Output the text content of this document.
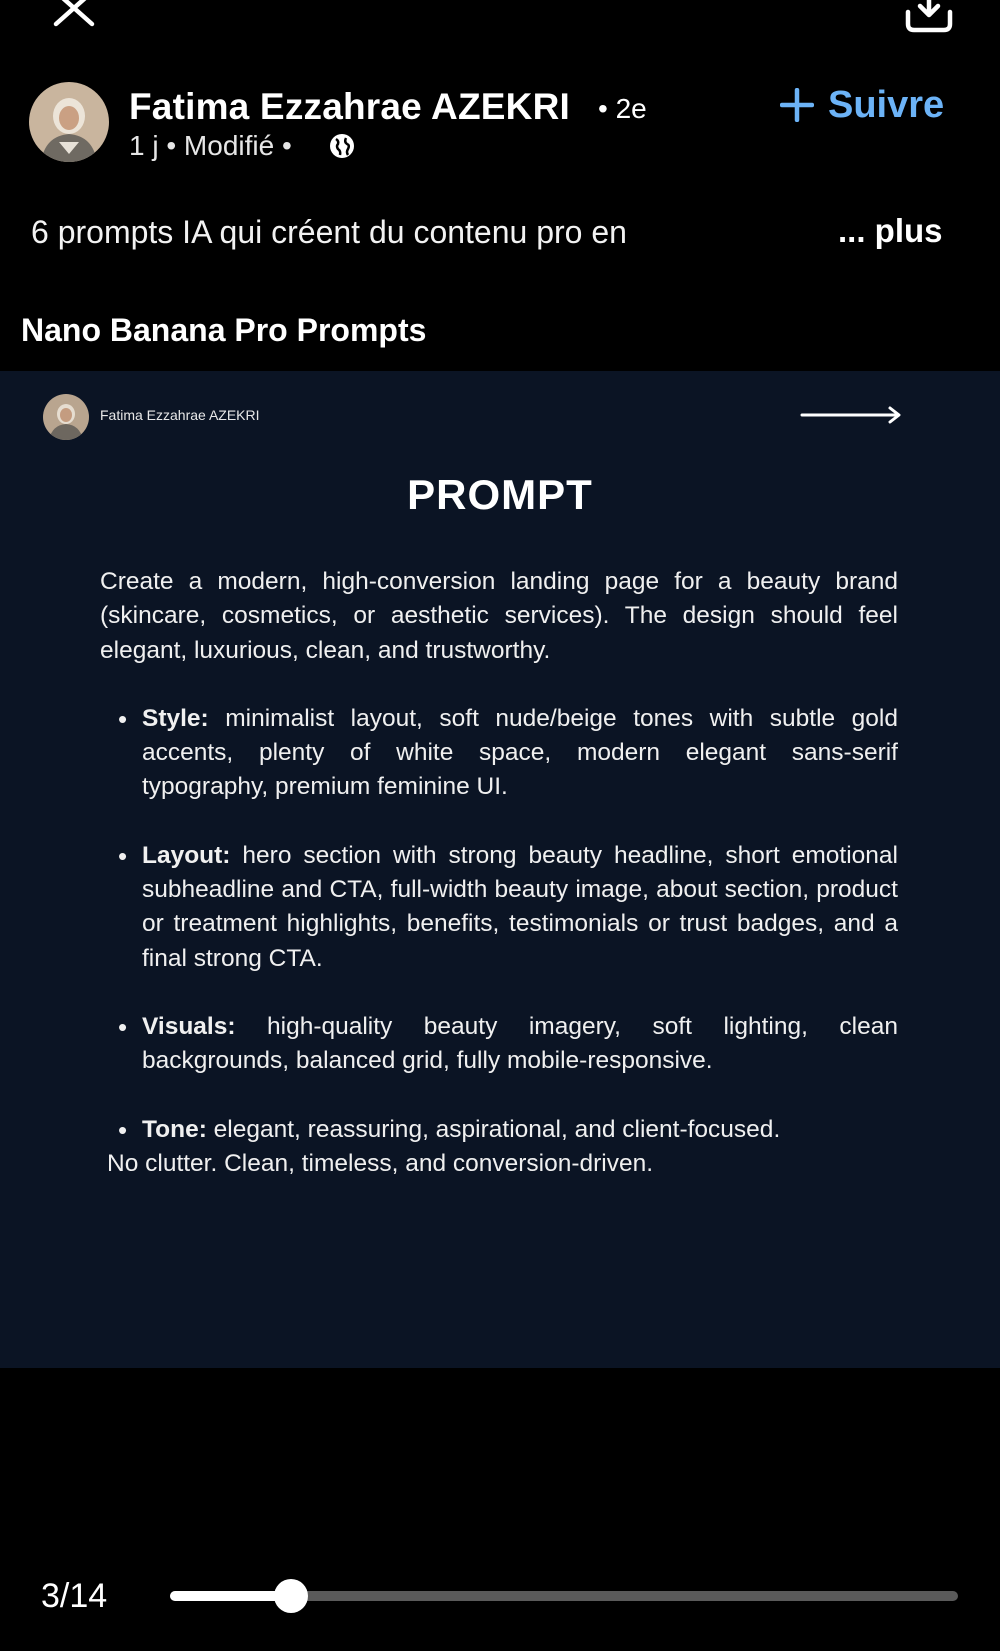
Fatima Ezzahrae AZEKRI • 2e
1 j • Modifié •
Suivre
6 prompts IA qui créent du contenu pro en	... plus
Nano Banana Pro Prompts
Fatima Ezzahrae AZEKRI
PROMPT

Create a modern, high-conversion landing page for a beauty brand (skincare, cosmetics, or aesthetic services). The design should feel elegant, luxurious, clean, and trustworthy.

• Style: minimalist layout, soft nude/beige tones with subtle gold accents, plenty of white space, modern elegant sans-serif typography, premium feminine UI.
• Layout: hero section with strong beauty headline, short emotional subheadline and CTA, full-width beauty image, about section, product or treatment highlights, benefits, testimonials or trust badges, and a final strong CTA.
• Visuals: high-quality beauty imagery, soft lighting, clean backgrounds, balanced grid, fully mobile-responsive.
• Tone: elegant, reassuring, aspirational, and client-focused.

No clutter. Clean, timeless, and conversion-driven.

3/14
